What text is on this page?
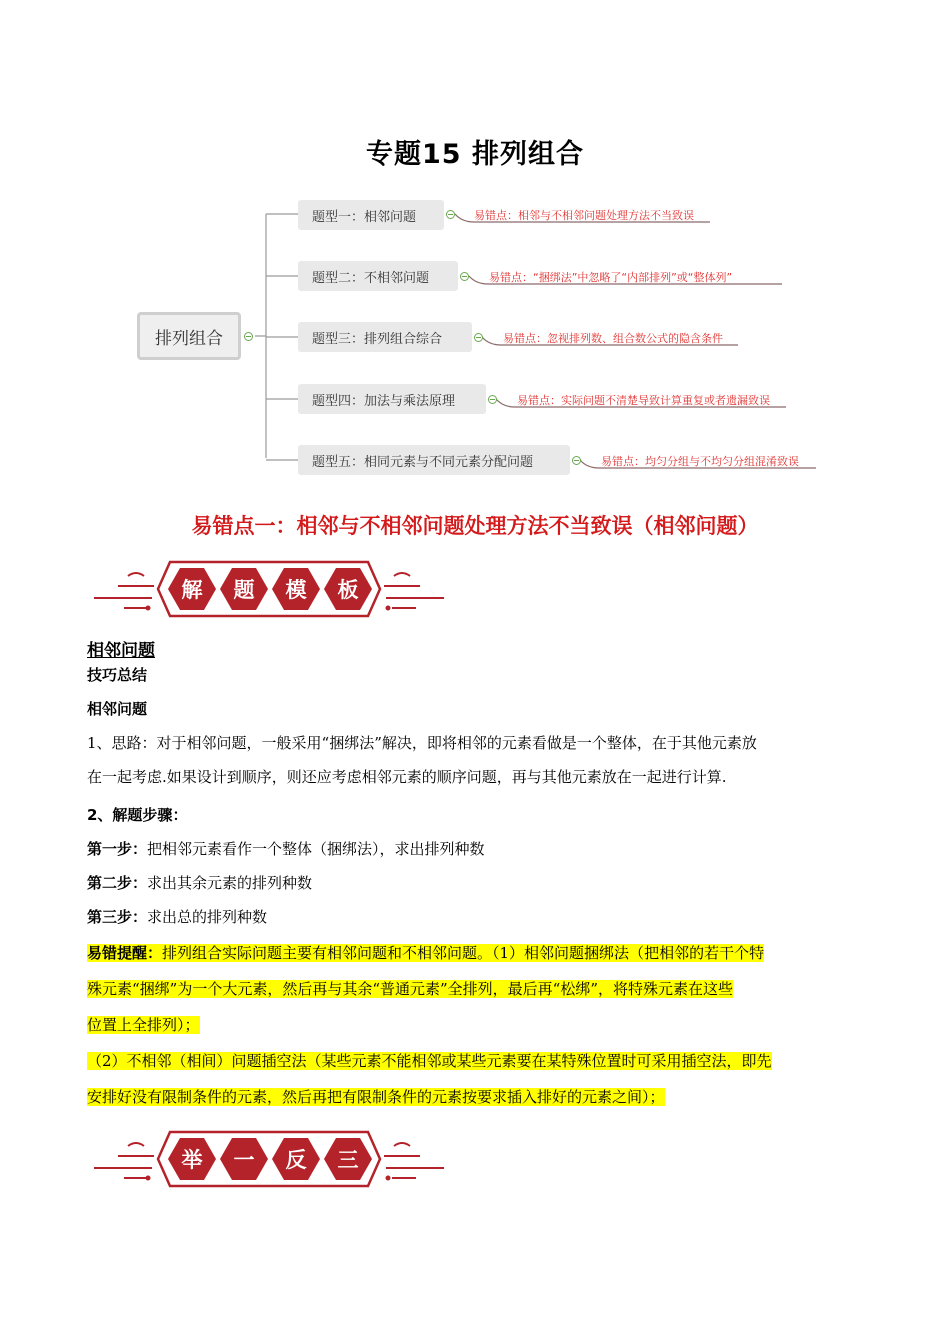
专题15 排列组合
排列组合
题型一：相邻问题	易错点：相邻与不相邻问题处理方法不当致误
题型二：不相邻问题	易错点：“捆绑法”中忽略了“内部排列”或“整体列”
题型三：排列组合综合	易错点：忽视排列数、组合数公式的隐含条件
题型四：加法与乘法原理	易错点：实际问题不清楚导致计算重复或者遗漏致误
题型五：相同元素与不同元素分配问题	易错点：均匀分组与不均匀分组混淆致误
易错点一：相邻与不相邻问题处理方法不当致误（相邻问题）
解 题 模 板
相邻问题
技巧总结
相邻问题
1、思路：对于相邻问题，一般采用“捆绑法”解决，即将相邻的元素看做是一个整体，在于其他元素放
在一起考虑.如果设计到顺序，则还应考虑相邻元素的顺序问题，再与其他元素放在一起进行计算.
2、解题步骤：
第一步：把相邻元素看作一个整体（捆绑法），求出排列种数
第二步：求出其余元素的排列种数
第三步：求出总的排列种数
易错提醒：排列组合实际问题主要有相邻问题和不相邻问题。（1）相邻问题捆绑法（把相邻的若干个特
殊元素“捆绑”为一个大元素，然后再与其余“普通元素”全排列，最后再“松绑”，将特殊元素在这些
位置上全排列）；
（2）不相邻（相间）问题插空法（某些元素不能相邻或某些元素要在某特殊位置时可采用插空法，即先
安排好没有限制条件的元素，然后再把有限制条件的元素按要求插入排好的元素之间）；
举 一 反 三
